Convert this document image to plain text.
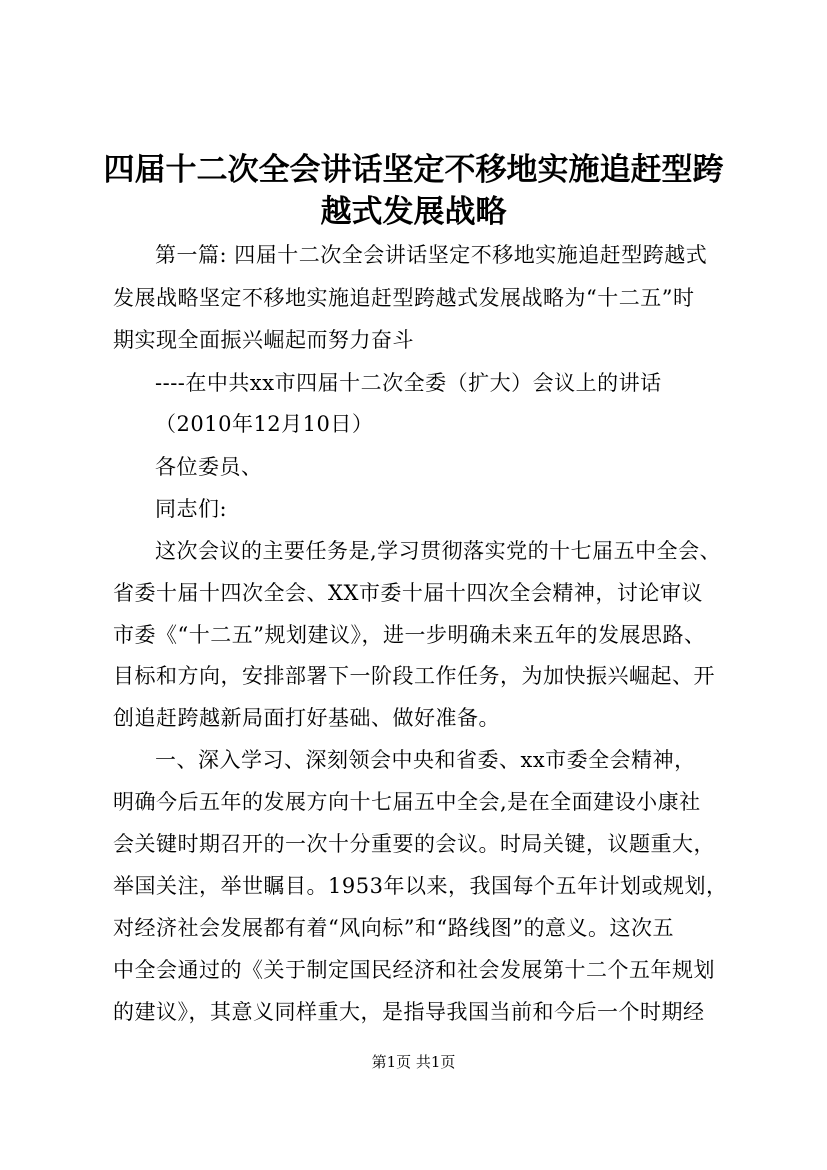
四届十二次全会讲话坚定不移地实施追赶型跨
越式发展战略
第一篇: 四届十二次全会讲话坚定不移地实施追赶型跨越式
发展战略坚定不移地实施追赶型跨越式发展战略为“十二五”时
期实现全面振兴崛起而努力奋斗
----在中共xx市四届十二次全委（扩大）会议上的讲话
（2010年12月10日）
各位委员、
同志们:
这次会议的主要任务是,学习贯彻落实党的十七届五中全会、
省委十届十四次全会、XX市委十届十四次全会精神，讨论审议
市委《“十二五”规划建议》，进一步明确未来五年的发展思路、
目标和方向，安排部署下一阶段工作任务，为加快振兴崛起、开
创追赶跨越新局面打好基础、做好准备。
一、深入学习、深刻领会中央和省委、xx市委全会精神，
明确今后五年的发展方向十七届五中全会,是在全面建设小康社
会关键时期召开的一次十分重要的会议。时局关键，议题重大，
举国关注，举世瞩目。1953年以来，我国每个五年计划或规划，
对经济社会发展都有着“风向标”和“路线图”的意义。这次五
中全会通过的《关于制定国民经济和社会发展第十二个五年规划
的建议》，其意义同样重大，是指导我国当前和今后一个时期经
第1页 共1页
